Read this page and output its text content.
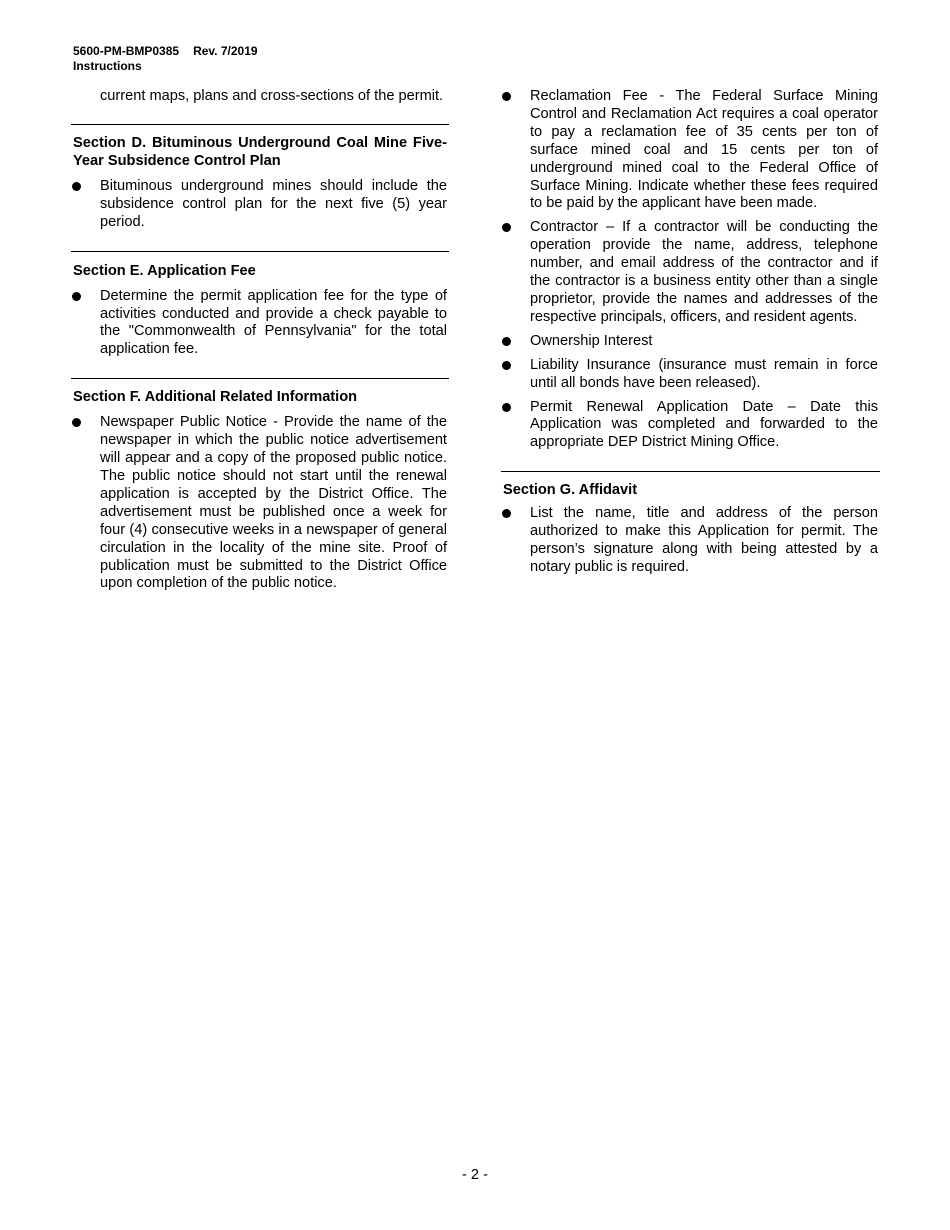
5600-PM-BMP0385 Rev. 7/2019
Instructions
current maps, plans and cross-sections of the permit.
Section D. Bituminous Underground Coal Mine Five-Year Subsidence Control Plan
Bituminous underground mines should include the subsidence control plan for the next five (5) year period.
Section E. Application Fee
Determine the permit application fee for the type of activities conducted and provide a check payable to the "Commonwealth of Pennsylvania" for the total application fee.
Section F. Additional Related Information
Newspaper Public Notice - Provide the name of the newspaper in which the public notice advertisement will appear and a copy of the proposed public notice. The public notice should not start until the renewal application is accepted by the District Office. The advertisement must be published once a week for four (4) consecutive weeks in a newspaper of general circulation in the locality of the mine site. Proof of publication must be submitted to the District Office upon completion of the public notice.
Reclamation Fee - The Federal Surface Mining Control and Reclamation Act requires a coal operator to pay a reclamation fee of 35 cents per ton of surface mined coal and 15 cents per ton of underground mined coal to the Federal Office of Surface Mining. Indicate whether these fees required to be paid by the applicant have been made.
Contractor – If a contractor will be conducting the operation provide the name, address, telephone number, and email address of the contractor and if the contractor is a business entity other than a single proprietor, provide the names and addresses of the respective principals, officers, and resident agents.
Ownership Interest
Liability Insurance (insurance must remain in force until all bonds have been released).
Permit Renewal Application Date – Date this Application was completed and forwarded to the appropriate DEP District Mining Office.
Section G. Affidavit
List the name, title and address of the person authorized to make this Application for permit. The person’s signature along with being attested by a notary public is required.
- 2 -
